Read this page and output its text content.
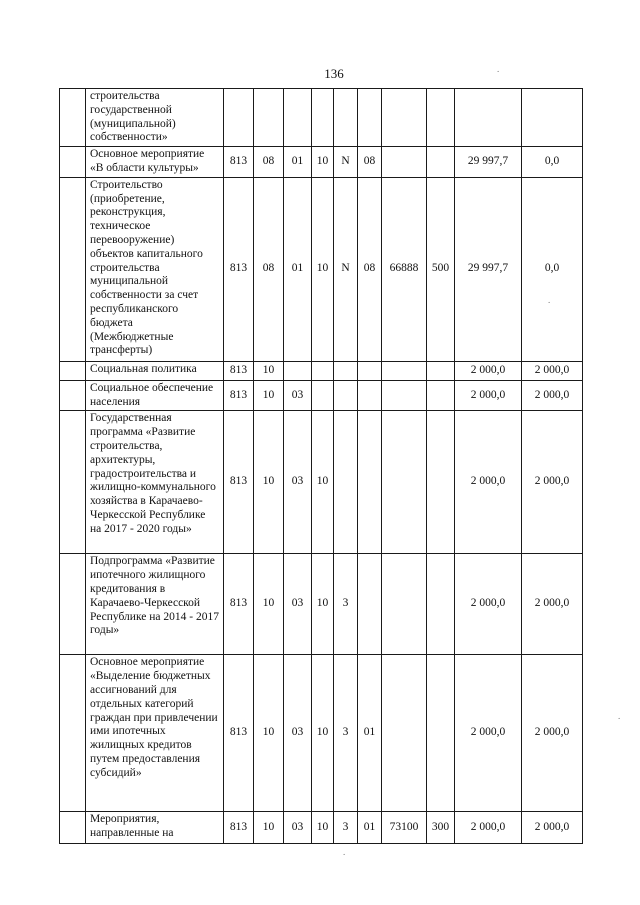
136
	строительства государственной (муниципальной) собственности»										
	Основное мероприятие «В области культуры»	813	08	01	10	N	08			29 997,7	0,0
	Строительство (приобретение, реконструкция, техническое перевооружение) объектов капитального строительства муниципальной собственности за счет республиканского бюджета (Межбюджетные трансферты)	813	08	01	10	N	08	66888	500	29 997,7	0,0
	Социальная политика	813	10							2 000,0	2 000,0
	Социальное обеспечение населения	813	10	03						2 000,0	2 000,0
	Государственная программа «Развитие строительства, архитектуры, градостроительства и жилищно-коммунального хозяйства в Карачаево-Черкесской Республике на 2017 - 2020 годы»	813	10	03	10					2 000,0	2 000,0
	Подпрограмма «Развитие ипотечного жилищного кредитования в Карачаево-Черкесской Республике на 2014 - 2017 годы»	813	10	03	10	3				2 000,0	2 000,0
	Основное мероприятие «Выделение бюджетных ассигнований для отдельных категорий граждан при привлечении ими ипотечных жилищных кредитов путем предоставления субсидий»	813	10	03	10	3	01			2 000,0	2 000,0
	Мероприятия, направленные на	813	10	03	10	3	01	73100	300	2 000,0	2 000,0
.
.
.
.
